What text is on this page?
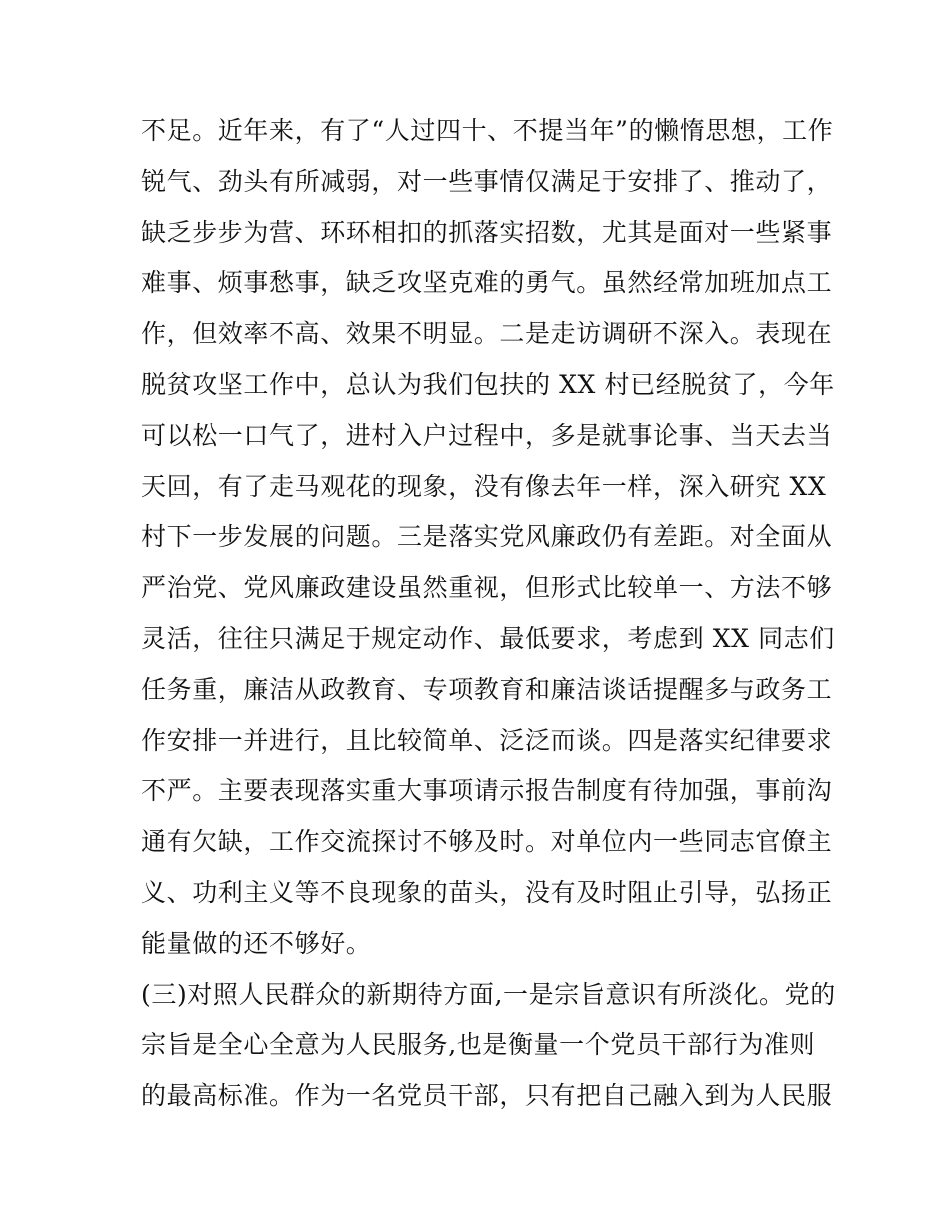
不足。近年来，有了“人过四十、不提当年”的懒惰思想，工作
锐气、劲头有所减弱，对一些事情仅满足于安排了、推动了，
缺乏步步为营、环环相扣的抓落实招数，尤其是面对一些紧事
难事、烦事愁事，缺乏攻坚克难的勇气。虽然经常加班加点工
作，但效率不高、效果不明显。二是走访调研不深入。表现在
脱贫攻坚工作中，总认为我们包扶的 XX 村已经脱贫了，今年
可以松一口气了，进村入户过程中，多是就事论事、当天去当
天回，有了走马观花的现象，没有像去年一样，深入研究 XX
村下一步发展的问题。三是落实党风廉政仍有差距。对全面从
严治党、党风廉政建设虽然重视，但形式比较单一、方法不够
灵活，往往只满足于规定动作、最低要求，考虑到 XX 同志们
任务重，廉洁从政教育、专项教育和廉洁谈话提醒多与政务工
作安排一并进行，且比较简单、泛泛而谈。四是落实纪律要求
不严。主要表现落实重大事项请示报告制度有待加强，事前沟
通有欠缺，工作交流探讨不够及时。对单位内一些同志官僚主
义、功利主义等不良现象的苗头，没有及时阻止引导，弘扬正
能量做的还不够好。
(三)对照人民群众的新期待方面,一是宗旨意识有所淡化。党的
宗旨是全心全意为人民服务,也是衡量一个党员干部行为准则
的最高标准。作为一名党员干部，只有把自己融入到为人民服
